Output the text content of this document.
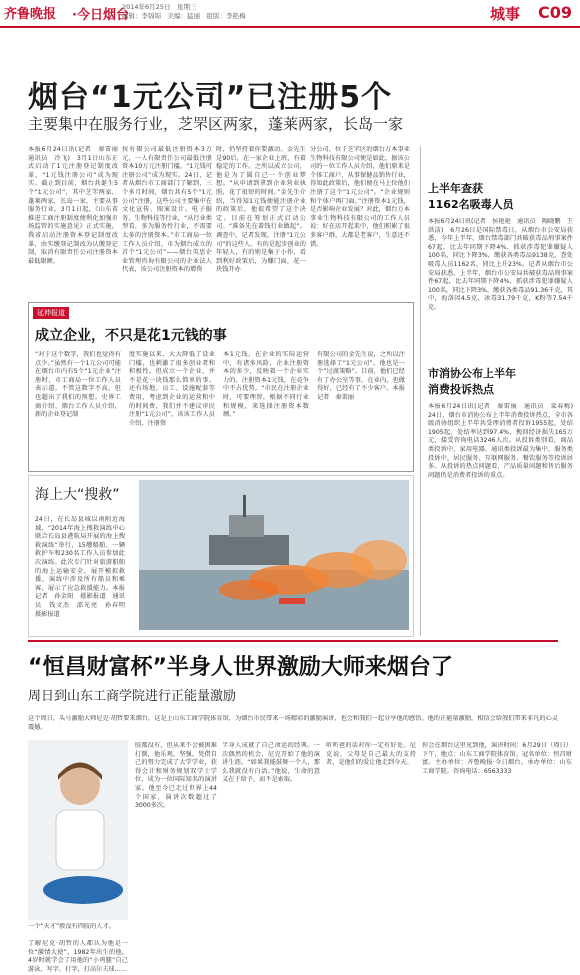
齐鲁晚报 ·今日烟台
2014年6月25日　星期三
编辑：李锦锦　美编：猛丽　组版：李艳梅	城事 C09
烟台“1元公司”已注册5个
主要集中在服务行业，芝罘区两家，蓬莱两家，长岛一家
本报6月24日讯(记者　秦雷丽　通讯员　冷飞)　3月1日山东正式启动了1元注册登记制度改革，“1元钱注册公司”成为现实。截止到目前，烟台共诞生5个“1元公司”，其中芝罘两家，蓬莱两家，长岛一家，主要从事服务行业。3月1日起，《山东省推进工商注册制度便利化加强市场监管的实施意见》正式实施，我省启动注册资本登记制度改革，由实缴登记制改为认缴登记制，取消有限责任公司注册资本最低限额。
按有限公司最低注册资本3万元，一人有限责任公司最低注册资本10万元注册门槛，“1元钱可注册公司”成为现实。24日，记者从烟台市工商部门了解到，三个多月时间，烟台共有5个“1元公司”注册，这些公司主要集中在文化宣传、图案设计、电子服务、生物科技等行业，“从行业类型看，多为服务性行业，不需要太多的注册资本。”市工商局一位工作人员介绍。市为烟台成立的首个“1元公司”——烟台英思企业管理咨询有限公司的企业法人代表，该公司注册资本的增资
时，仍坚持着你要激动。金先生是90后，在一家企业上班，有着稳定的工作。之所以成立公司，他是为了圆自己一个创业梦想。“从申请到拿到企业营业执照，花了很短的时间。”金先生介绍，当得知1元钱便能注册企业的政策后，他很希望了这个决定。目前在筹划正式启动公司。“准备先在着钱行业做起”。调查中，记者发现，注册“1元公司”的这些人，有的是起步创业的年轻人，有的则是集于小作，看到利好政策后，为赚门面，花一块钱开办
分公司，位于芝罘区的烟台万本事业生物科技有限公司便是如此，据该公司的一位工作人员介绍，他们原来是个体工商户，从事保健品销售行业，得知此政策后，他们便在马上位他们注册了这个“1元公司”。“企业规则和个体户再门面。”注册资本1元钱，是否影响企业发展？对此，烟台万本事业生物科技有限公司的工作人员说：好在店开起来中，他们积累了很多客户群，大都是老客户，生意还不错。
延伸报道
成立企业，不只是花1元钱的事
“对于这个数字，我们也觉得有点少。”虽然有一个1元公司可能在烟台市内有5个“1元企业”注册时，市工商局一位工作人员表示道，不管这数字不高，但也超出了我们的预想。史界工商介绍，烟台工作人员介绍，新的企业登记制
度实施以来，大大降低了设业门槛，也刺激了很多创业者和积极性，但成立一个企业，并不是花一块钱那么简单的事。还有场地、员工、设施配套等费用，考虑到企业的运营和中的时间费，我们并不建议审民注册“1元公司”。该该工作人员介绍，注册资
本1元钱，在企业的实际运营中，有诸多风险，企业注册资本的多少，反映着一个企业实力的，注册资本1元钱，在竞争中不占优势。“市民在注册企业时，可要理智，根据不同行业和规模，来选择注册资本数额。”
有限公司的金先生说，之所以注册选择了“1元公司”，他也是一个“过渡策略”。目前，他们已经有了办公室等事，在业内，也做得好，已经有了不少客户。本报记者　秦雷丽
海上大“搜救”
24日，在长岛县城以南附近海域，“2014年海上搜救演练中心联合长岛县港航局开展的海上搜救演练”举行，15艘船舶、一辆救护车和230名工作人员参加此次演练。此次专门针对旅游船舶的海上运输安全，展开模拟救援，演练中涉及所有船员和乘客，展示了应急救援能力。本报记者　孙金阳　摄影报道　通讯员　钱文杰　邵光亮　孙春明　摄影报道
上半年查获
1162名吸毒人员
本报6月24日讯(记者　侯艳艳　通讯员　陶晓鹏　王洪洁)　6月26日是国际禁毒日，从烟台市公安局获悉，今年上半年，烟台禁毒部门共破获毒品刑事案件67起，比去年同期下降4%，抓获涉毒犯罪嫌疑人100名，同比下降3%，缴获各类毒品9138克，查处吸毒人员1162名，同比上升23%。记者从烟台市公安局获悉，上半年，烟台市公安局共破获毒品刑事案件67起，比去年同期下降4%，抓获涉毒犯罪嫌疑人100名，同比下降3%，缴获各类毒品91.36千克，其中，海洛因4.5克，冰毒31.79千克，K粉等7.54千克。
市消协公布上半年
消费投诉热点
本报6月24日讯(记者　秦雷丽　通讯员　栾春梅)　24日，烟台市消协公布上半年消费投诉热点，全市各级消协组织上半年共受理消费者投诉1955起，处结1905起，处结率达到97.4%，挽回经济损失165万元，接受咨询电话3246人次。从投诉类别看，商品类投诉中，家用电器、通讯类投诉最为集中，服务类投诉中，居民服务、互联网服务、餐饮服务等投诉居多。从投诉的热点问题看，产品质量问题和售后服务问题仍是消费者投诉的重点。
“恒昌财富杯”半身人世界激励大师来烟台了
周日到山东工商学院进行正能量激励
这个周日，头号激励大师尼克·胡哲要来烟台，这是上山东工商学院体育馆，为烟台市民带来一场精彩的激励演讲，也会和我们一起分享他的感悟。他的正能量激励，相信会给我们带来非凡的心灵震撼。
一个“天才”般没有四肢的人才。
了解尼克·胡哲的人都认为他是一位“激情大使”，1982年出生的他，4岁时就学会了用他的“小鸡腿”自己游泳，写字，打字，打高尔夫球……
肢都没有，但从来不会被困难打倒，他乐观、坚强，凭借自己的努力完成了大学学业，获得会计和财务规划双学士学位，成为一位国际知名的演讲家。他至今已走过世界上44个国家，演讲次数超过了3000多次。
半身人成就了自己命运的经典。一次偶然的机会，尼克开始了他的演讲生涯。“如果我能鼓舞一个人，那么我就没有白活。”他说，生命的意义在于给予，而不是索取。
听听爸的话对你一定有好处。尼克说，父母是自己最大的支持者，是他们的爱让他走到今天。
你会在烟台这里见到他，演讲时间：6月29日（周日）下午，地点：山东工商学院体育馆。冠名单位：恒昌财富。主办单位：齐鲁晚报·今日烟台。承办单位：山东工商学院。咨询电话：6563333
